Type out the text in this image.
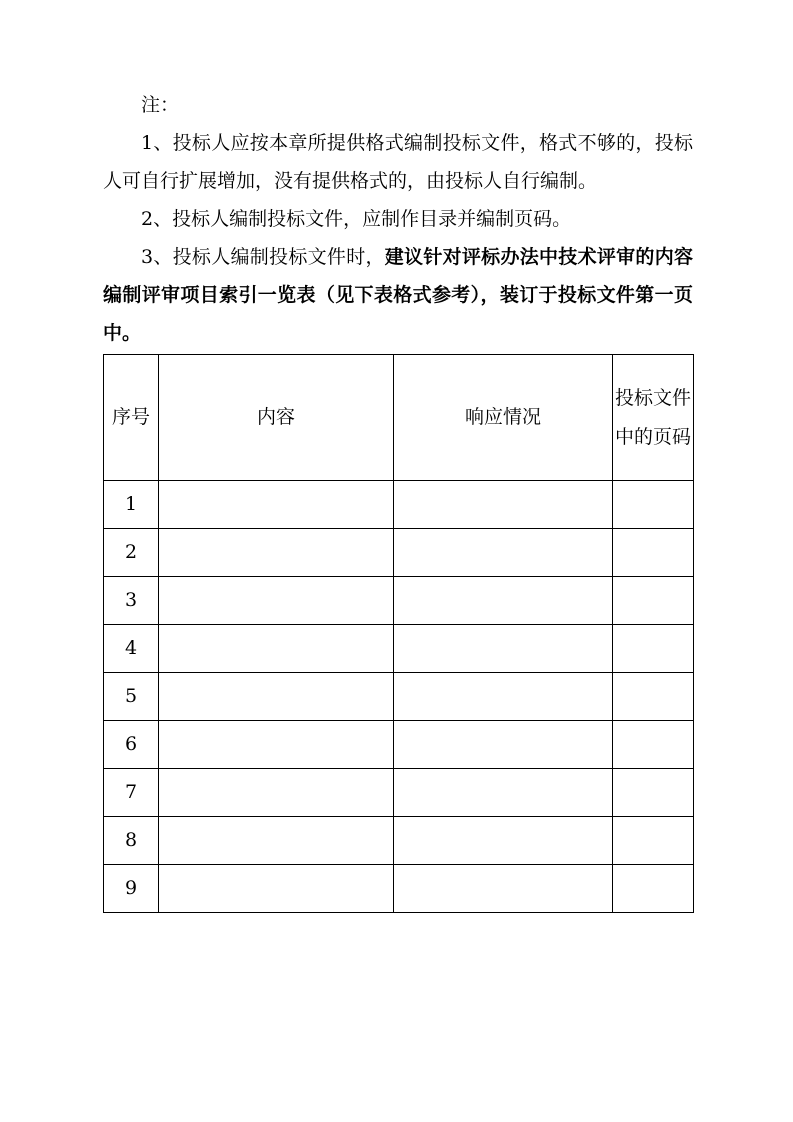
注：

1、投标人应按本章所提供格式编制投标文件，格式不够的，投标人可自行扩展增加，没有提供格式的，由投标人自行编制。

2、投标人编制投标文件，应制作目录并编制页码。

3、投标人编制投标文件时，建议针对评标办法中技术评审的内容编制评审项目索引一览表（见下表格式参考），装订于投标文件第一页中。

序号	内容	响应情况	投标文件中的页码
1			
2			
3			
4			
5			
6			
7			
8			
9			
